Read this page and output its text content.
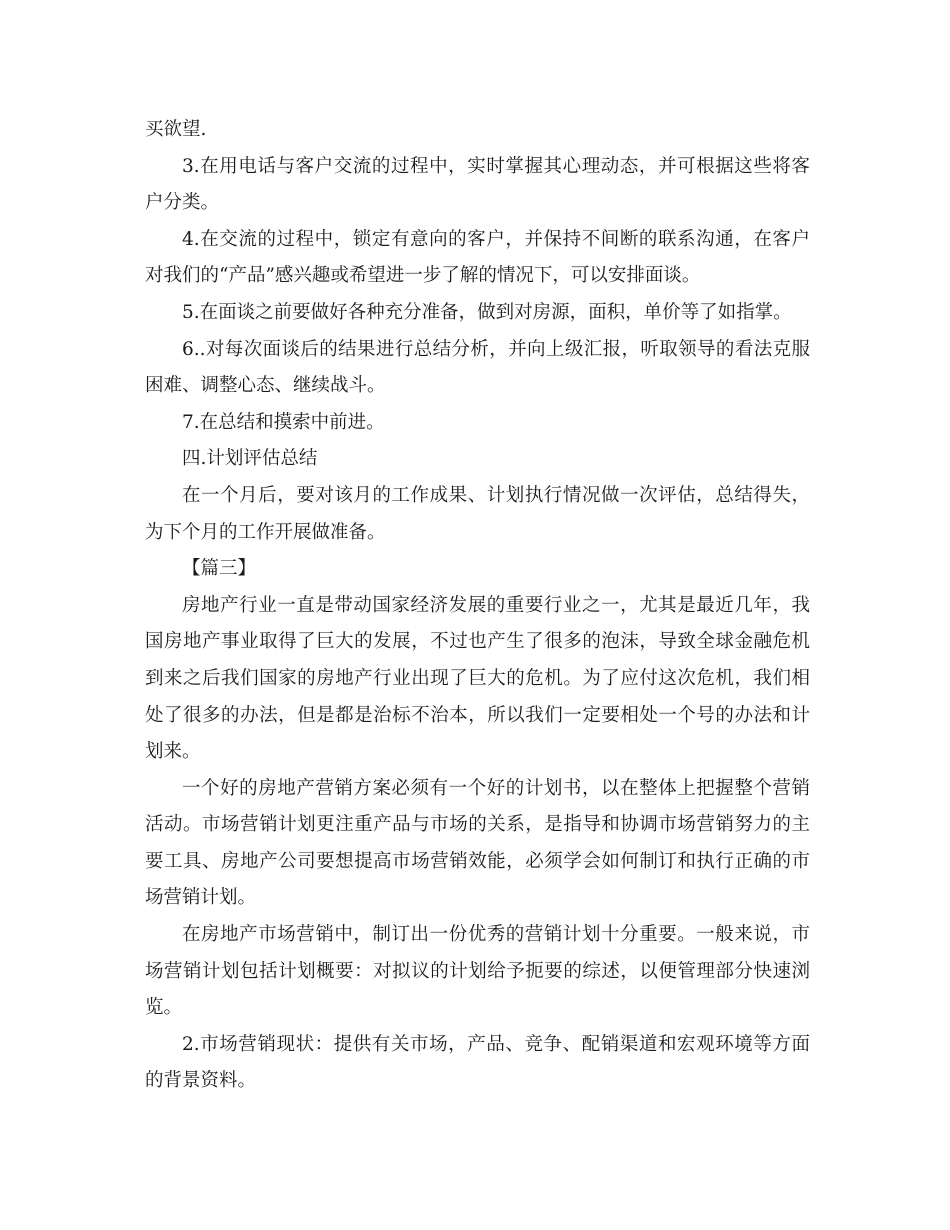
买欲望.

3.在用电话与客户交流的过程中，实时掌握其心理动态，并可根据这些将客户分类。

4.在交流的过程中，锁定有意向的客户，并保持不间断的联系沟通，在客户对我们的“产品”感兴趣或希望进一步了解的情况下，可以安排面谈。

5.在面谈之前要做好各种充分准备，做到对房源，面积，单价等了如指掌。

6..对每次面谈后的结果进行总结分析，并向上级汇报，听取领导的看法克服困难、调整心态、继续战斗。

7.在总结和摸索中前进。

四.计划评估总结

在一个月后，要对该月的工作成果、计划执行情况做一次评估，总结得失，为下个月的工作开展做准备。

【篇三】

房地产行业一直是带动国家经济发展的重要行业之一，尤其是最近几年，我国房地产事业取得了巨大的发展，不过也产生了很多的泡沫，导致全球金融危机到来之后我们国家的房地产行业出现了巨大的危机。为了应付这次危机，我们相处了很多的办法，但是都是治标不治本，所以我们一定要相处一个号的办法和计划来。

一个好的房地产营销方案必须有一个好的计划书，以在整体上把握整个营销活动。市场营销计划更注重产品与市场的关系，是指导和协调市场营销努力的主要工具、房地产公司要想提高市场营销效能，必须学会如何制订和执行正确的市场营销计划。

在房地产市场营销中，制订出一份优秀的营销计划十分重要。一般来说，市场营销计划包括计划概要：对拟议的计划给予扼要的综述，以便管理部分快速浏览。

2.市场营销现状：提供有关市场，产品、竞争、配销渠道和宏观环境等方面的背景资料。
